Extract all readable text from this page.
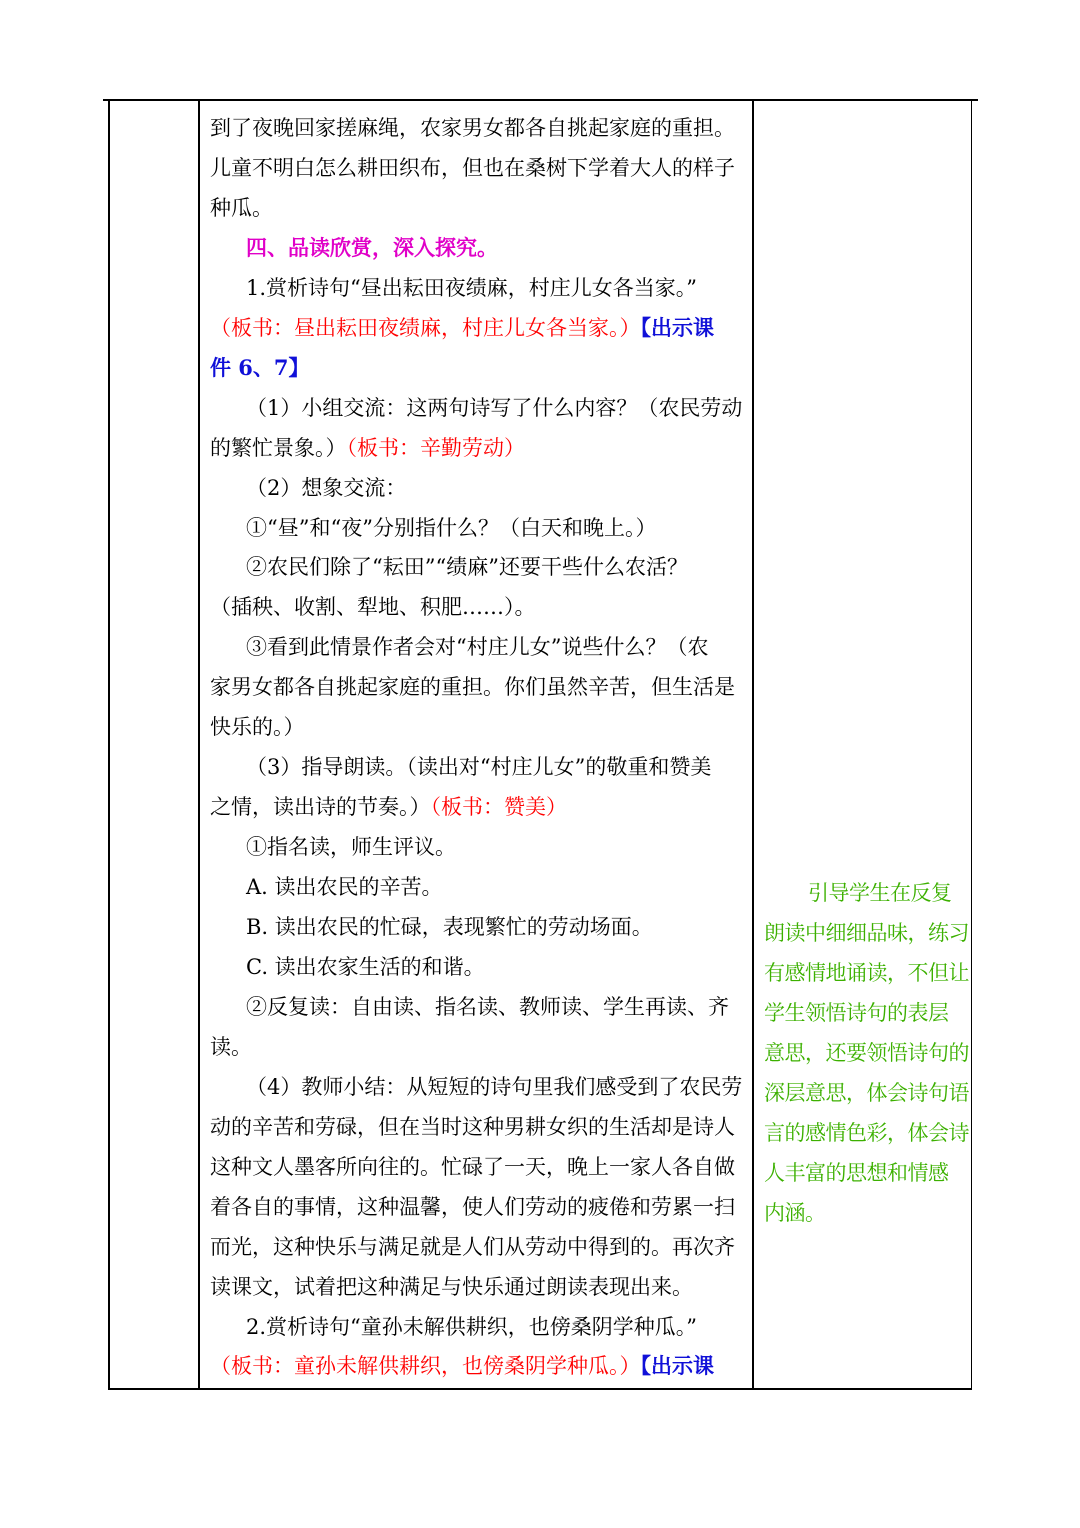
到了夜晚回家搓麻绳，农家男女都各自挑起家庭的重担。
儿童不明白怎么耕田织布，但也在桑树下学着大人的样子
种瓜。
四、品读欣赏，深入探究。
1.赏析诗句“昼出耘田夜绩麻，村庄儿女各当家。”
（板书：昼出耘田夜绩麻，村庄儿女各当家。）【出示课
件 6、7】
（1）小组交流：这两句诗写了什么内容？（农民劳动
的繁忙景象。）（板书：辛勤劳动）
（2）想象交流：
①“昼”和“夜”分别指什么？（白天和晚上。）
②农民们除了“耘田”“绩麻”还要干些什么农活？
（插秧、收割、犁地、积肥……）。
③看到此情景作者会对“村庄儿女”说些什么？（农
家男女都各自挑起家庭的重担。你们虽然辛苦，但生活是
快乐的。）
（3）指导朗读。（读出对“村庄儿女”的敬重和赞美
之情，读出诗的节奏。）（板书：赞美）
①指名读，师生评议。
A. 读出农民的辛苦。
B. 读出农民的忙碌，表现繁忙的劳动场面。
C. 读出农家生活的和谐。
②反复读：自由读、指名读、教师读、学生再读、齐
读。
（4）教师小结：从短短的诗句里我们感受到了农民劳
动的辛苦和劳碌，但在当时这种男耕女织的生活却是诗人
这种文人墨客所向往的。忙碌了一天，晚上一家人各自做
着各自的事情，这种温馨，使人们劳动的疲倦和劳累一扫
而光，这种快乐与满足就是人们从劳动中得到的。再次齐
读课文，试着把这种满足与快乐通过朗读表现出来。
2.赏析诗句“童孙未解供耕织，也傍桑阴学种瓜。”
（板书：童孙未解供耕织，也傍桑阴学种瓜。）【出示课
引导学生在反复
朗读中细细品味，练习
有感情地诵读，不但让
学生领悟诗句的表层
意思，还要领悟诗句的
深层意思，体会诗句语
言的感情色彩，体会诗
人丰富的思想和情感
内涵。
